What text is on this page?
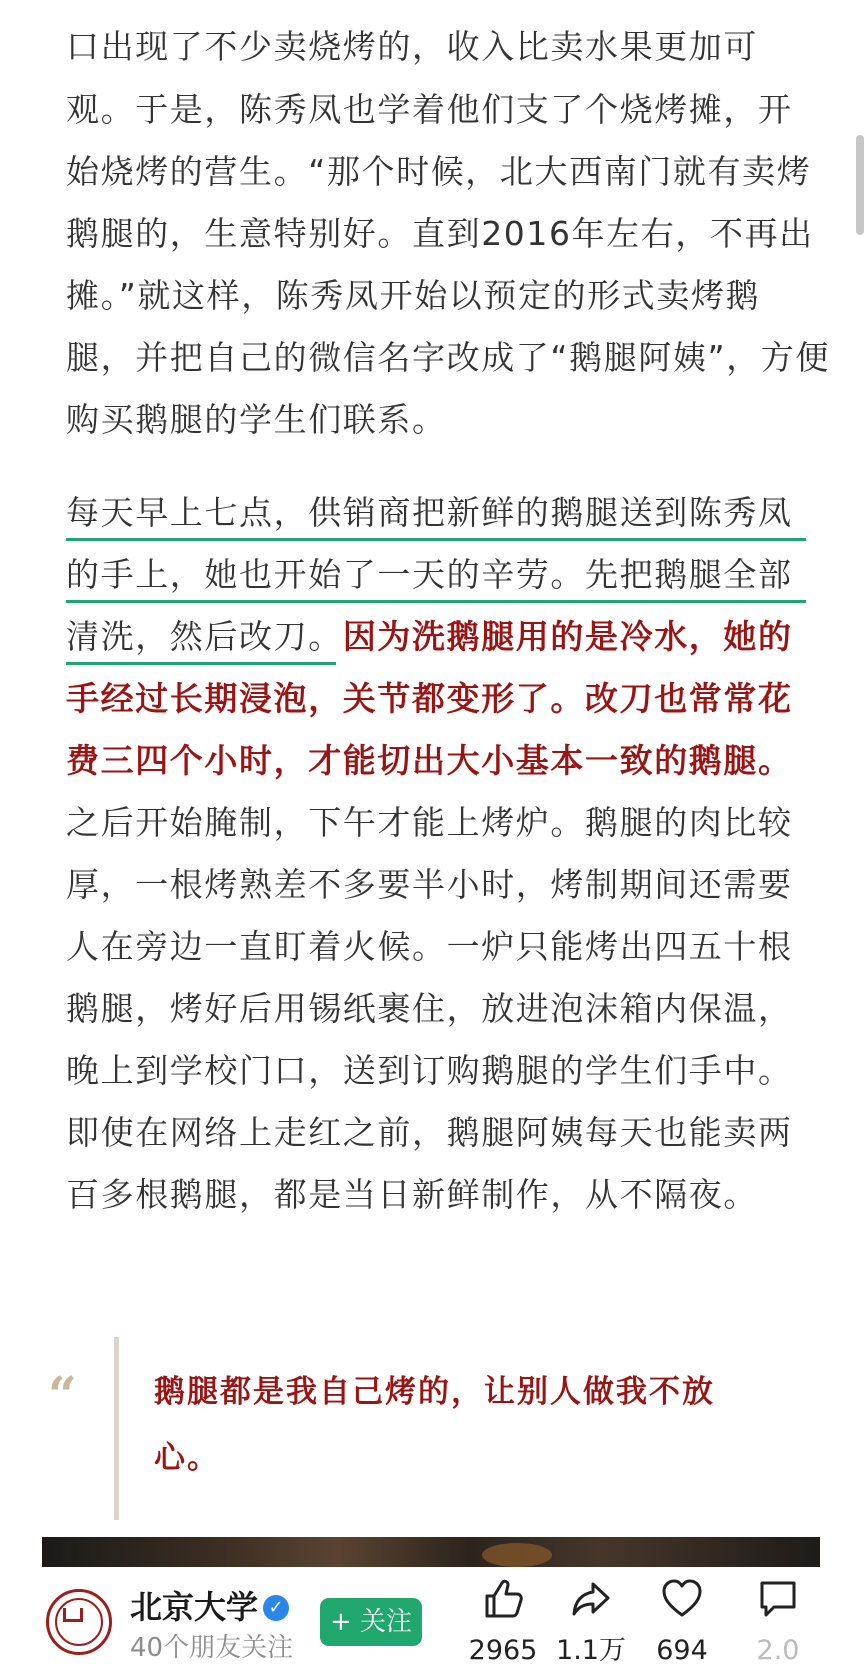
口出现了不少卖烧烤的，收入比卖水果更加可
观。于是，陈秀凤也学着他们支了个烧烤摊，开
始烧烤的营生。“那个时候，北大西南门就有卖烤
鹅腿的，生意特别好。直到2016年左右，不再出
摊。”就这样，陈秀凤开始以预定的形式卖烤鹅
腿，并把自己的微信名字改成了“鹅腿阿姨”，方便
购买鹅腿的学生们联系。
每天早上七点，供销商把新鲜的鹅腿送到陈秀凤
的手上，她也开始了一天的辛劳。先把鹅腿全部
清洗，然后改刀。因为洗鹅腿用的是冷水，她的
手经过长期浸泡，关节都变形了。改刀也常常花
费三四个小时，才能切出大小基本一致的鹅腿。
之后开始腌制，下午才能上烤炉。鹅腿的肉比较
厚，一根烤熟差不多要半小时，烤制期间还需要
人在旁边一直盯着火候。一炉只能烤出四五十根
鹅腿，烤好后用锡纸裹住，放进泡沫箱内保温，
晚上到学校门口，送到订购鹅腿的学生们手中。
即使在网络上走红之前，鹅腿阿姨每天也能卖两
百多根鹅腿，都是当日新鲜制作，从不隔夜。
“ 鹅腿都是我自己烤的，让别人做我不放
心。
北京大学 ✓
40个朋友关注
+ 关注
2965 1.1万	694	2.0
